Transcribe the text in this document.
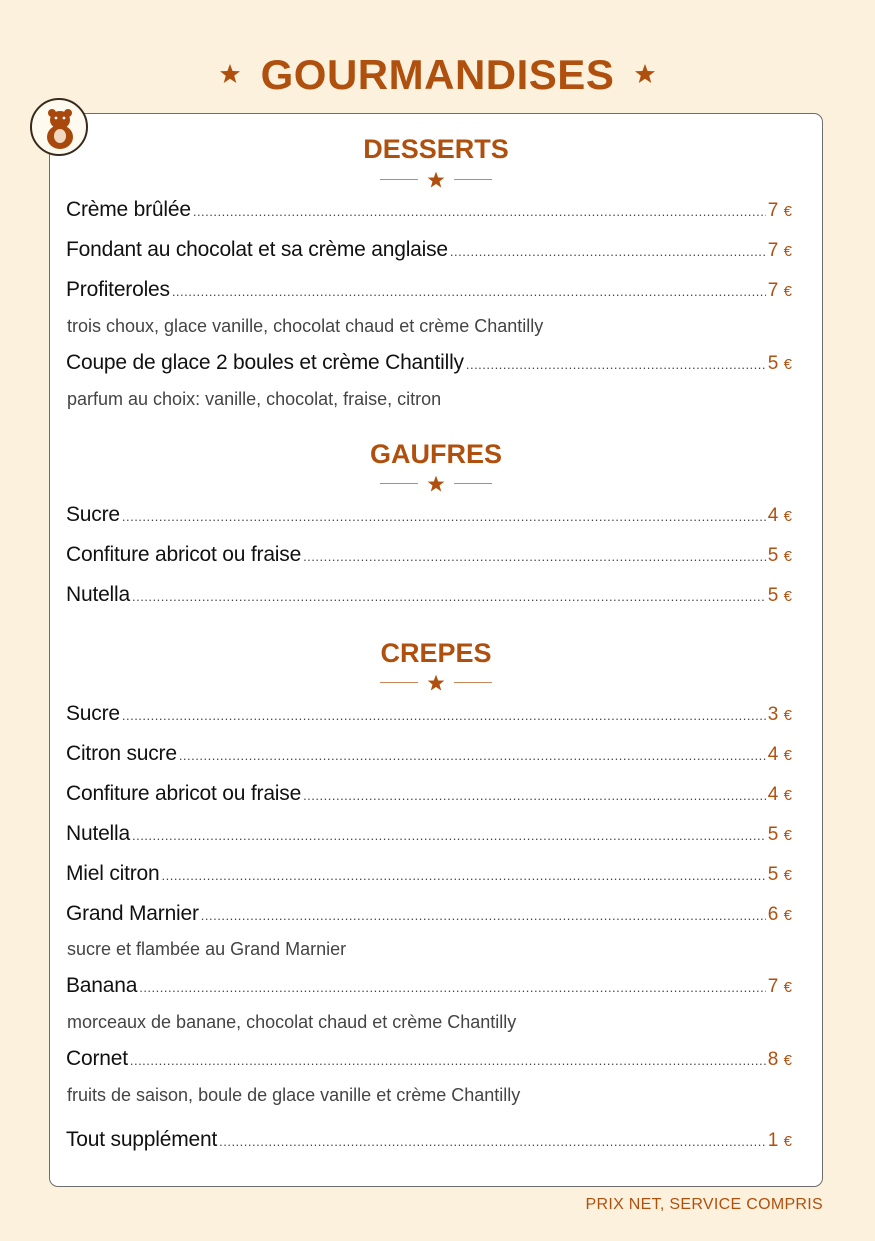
GOURMANDISES
DESSERTS
Crème brûlée .....	7 €
Fondant au chocolat et sa crème anglaise .....	7 €
Profiteroles .....	7 €
trois choux, glace vanille, chocolat chaud et crème Chantilly
Coupe de glace 2 boules et crème Chantilly .....	5 €
parfum au choix: vanille, chocolat, fraise, citron
GAUFRES
Sucre .....	4 €
Confiture abricot ou fraise .....	5 €
Nutella .....	5 €
CREPES
Sucre .....	3 €
Citron sucre .....	4 €
Confiture abricot ou fraise .....	4 €
Nutella .....	5 €
Miel citron .....	5 €
Grand Marnier .....	6 €
sucre et flambée au Grand Marnier
Banana .....	7 €
morceaux de banane, chocolat chaud et crème Chantilly
Cornet .....	8 €
fruits de saison, boule de glace vanille et crème Chantilly
Tout supplément .....	1 €
PRIX NET, SERVICE COMPRIS
